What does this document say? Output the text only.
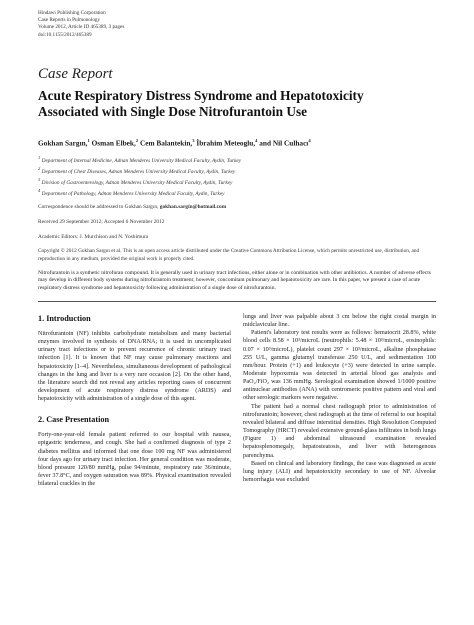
Hindawi Publishing Corporation
Case Reports in Pulmonology
Volume 2012, Article ID 465389, 3 pages
doi:10.1155/2012/465389
Case Report
Acute Respiratory Distress Syndrome and Hepatotoxicity
Associated with Single Dose Nitrofurantoin Use
Gokhan Sargın,$^1$ Osman Elbek,$^2$ Cem Balantekin,$^3$ İbrahim Meteoglu,$^4$ and Nil Culhacı$^4$
$^1$ Department of Internal Medicine, Adnan Menderes University Medical Faculty, Aydin, Turkey
$^2$ Department of Chest Diseases, Adnan Menderes University Medical Faculty, Aydin, Turkey
$^3$ Division of Gastroenterology, Adnan Menderes University Medical Faculty, Aydin, Turkey
$^4$ Department of Pathology, Adnan Menderes University Medical Faculty, Aydin, Turkey
Correspondence should be addressed to Gokhan Sargın, gokhan.sargin@hotmail.com
Received 29 September 2012; Accepted 6 November 2012
Academic Editors: J. Murchison and N. Yoshimura
Copyright © 2012 Gokhan Sargın et al. This is an open access article distributed under the Creative Commons Attribution License, which permits unrestricted use, distribution, and reproduction in any medium, provided the original work is properly cited.
Nitrofurantoin is a synthetic nitrofuran compound. It is generally used in urinary tract infections, either alone or in combination with other antibiotics. A number of adverse effects may develop in different body systems during nitrofurantoin treatment; however, concomitant pulmonary and hepatotoxicity are rare. In this paper, we present a case of acute respiratory distress syndrome and hepatotoxicity following administration of a single dose of nitrofurantoin.
1. Introduction

Nitrofurantoin (NF) inhibits carbohydrate metabolism and many bacterial enzymes involved in synthesis of DNA/RNA; it is used in uncomplicated urinary tract infections or to prevent recurrence of chronic urinary tract infection [1]. It is known that NF may cause pulmonary reactions and hepatotoxicity [1–4]. Nevertheless, simultaneous development of pathological changes in the lung and liver is a very rare occasion [2]. On the other hand, the literature search did not reveal any articles reporting cases of concurrent development of acute respiratory distress syndrome (ARDS) and hepatotoxicity with administration of a single dose of this agent.

2. Case Presentation

Forty-one-year-old female patient referred to our hospital with nausea, epigastric tenderness, and cough. She had a confirmed diagnosis of type 2 diabetes mellitus and informed that one dose 100 mg NF was administered four days ago for urinary tract infection. Her general condition was moderate, blood pressure 120/80 mmHg, pulse 94/minute, respiratory rate 36/minute, fever 37.8°C, and oxygen saturation was 89%. Physical examination revealed bilateral crackles in the

lungs and liver was palpable about 3 cm below the right costal margin in midclavicular line.

Patient's laboratory test results were as follows: hematocrit 28.8%, white blood cells 8.58 × 10³/microL (neutrophils: 5.48 × 10³/microL, eosinophils: 0.07 × 10³/microL), platelet count 297 × 10³/microL, alkaline phosphatase 255 U/L, gamma glutamyl transferase 250 U/L, and sedimentation 100 mm/hour. Protein (+1) and leukocyte (+3) were detected in urine sample. Moderate hypoxemia was detected in arterial blood gas analysis and PaO₂/FiO₂ was 136 mmHg. Serological examination showed 1/1000 positive antinuclear antibodies (ANA) with centromeric positive pattern and viral and other serologic markers were negative.

The patient had a normal chest radiograph prior to administration of nitrofurantoin; however, chest radiograph at the time of referral to our hospital revealed bilateral and diffuse interstitial densities. High Resolution Computed Tomography (HRCT) revealed extensive ground-glass infiltrates in both lungs (Figure 1) and abdominal ultrasound examination revealed hepatosplenomegaly, hepatosteatosis, and liver with heterogenous parenchyma.

Based on clinical and laboratory findings, the case was diagnosed as acute lung injury (ALI) and hepatotoxicity secondary to use of NF. Alveolar hemorrhagia was excluded
